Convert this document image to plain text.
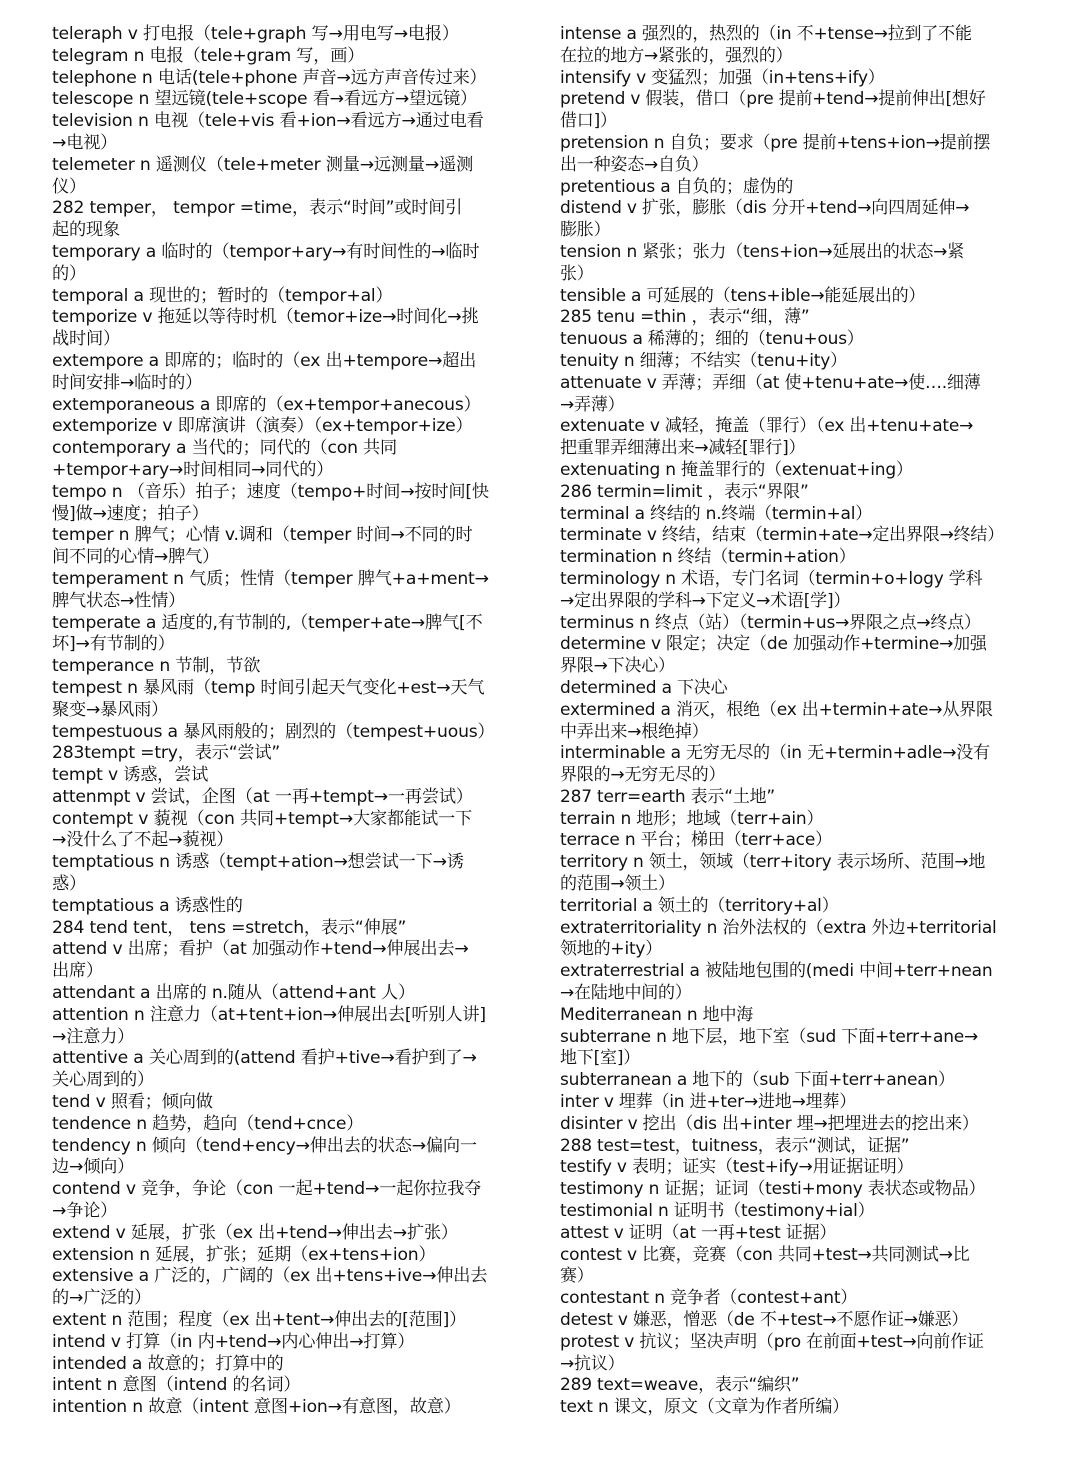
teleraph v 打电报（tele+graph 写→用电写→电报）
telegram n 电报（tele+gram 写，画）
telephone n 电话(tele+phone 声音→远方声音传过来）
telescope n 望远镜(tele+scope 看→看远方→望远镜）
television n 电视（tele+vis 看+ion→看远方→通过电看
→电视）
telemeter n 遥测仪（tele+meter 测量→远测量→遥测
仪）
282 temper， tempor =time，表示“时间”或时间引
起的现象
temporary a 临时的（tempor+ary→有时间性的→临时
的）
temporal a 现世的；暂时的（tempor+al）
temporize v 拖延以等待时机（temor+ize→时间化→挑
战时间）
extempore a 即席的；临时的（ex 出+tempore→超出
时间安排→临时的）
extemporaneous a 即席的（ex+tempor+anecous）
extemporize v 即席演讲（演奏）（ex+tempor+ize）
contemporary a 当代的；同代的（con 共同
+tempor+ary→时间相同→同代的）
tempo n （音乐）拍子；速度（tempo+时间→按时间[快
慢]做→速度；拍子）
temper n 脾气；心情 v.调和（temper 时间→不同的时
间不同的心情→脾气）
temperament n 气质；性情（temper 脾气+a+ment→
脾气状态→性情）
temperate a 适度的,有节制的,（temper+ate→脾气[不
坏]→有节制的）
temperance n 节制，节欲
tempest n 暴风雨（temp 时间引起天气变化+est→天气
聚变→暴风雨）
tempestuous a 暴风雨般的；剧烈的（tempest+uous）
283tempt =try，表示“尝试”
tempt v 诱惑，尝试
attenmpt v 尝试，企图（at 一再+tempt→一再尝试）
contempt v 藐视（con 共同+tempt→大家都能试一下
→没什么了不起→藐视）
temptatious n 诱惑（tempt+ation→想尝试一下→诱
惑）
temptatious a 诱惑性的
284 tend tent， tens =stretch，表示“伸展”
attend v 出席；看护（at 加强动作+tend→伸展出去→
出席）
attendant a 出席的 n.随从（attend+ant 人）
attention n 注意力（at+tent+ion→伸展出去[听别人讲]
→注意力）
attentive a 关心周到的(attend 看护+tive→看护到了→
关心周到的）
tend v 照看；倾向做
tendence n 趋势，趋向（tend+cnce）
tendency n 倾向（tend+ency→伸出去的状态→偏向一
边→倾向）
contend v 竞争，争论（con 一起+tend→一起你拉我夺
→争论）
extend v 延展，扩张（ex 出+tend→伸出去→扩张）
extension n 延展，扩张；延期（ex+tens+ion）
extensive a 广泛的，广阔的（ex 出+tens+ive→伸出去
的→广泛的）
extent n 范围；程度（ex 出+tent→伸出去的[范围]）
intend v 打算（in 内+tend→内心伸出→打算）
intended a 故意的；打算中的
intent n 意图（intend 的名词）
intention n 故意（intent 意图+ion→有意图，故意）
intense a 强烈的，热烈的（in 不+tense→拉到了不能
在拉的地方→紧张的，强烈的）
intensify v 变猛烈；加强（in+tens+ify）
pretend v 假装，借口（pre 提前+tend→提前伸出[想好
借口]）
pretension n 自负；要求（pre 提前+tens+ion→提前摆
出一种姿态→自负）
pretentious a 自负的；虚伪的
distend v 扩张，膨胀（dis 分开+tend→向四周延伸→
膨胀）
tension n 紧张；张力（tens+ion→延展出的状态→紧
张）
tensible a 可延展的（tens+ible→能延展出的）
285 tenu =thin ，表示“细，薄”
tenuous a 稀薄的；细的（tenu+ous）
tenuity n 细薄；不结实（tenu+ity）
attenuate v 弄薄；弄细（at 使+tenu+ate→使….细薄
→弄薄）
extenuate v 减轻，掩盖（罪行）（ex 出+tenu+ate→
把重罪弄细薄出来→减轻[罪行]）
extenuating n 掩盖罪行的（extenuat+ing）
286 termin=limit ，表示“界限”
terminal a 终结的 n.终端（termin+al）
terminate v 终结，结束（termin+ate→定出界限→终结）
termination n 终结（termin+ation）
terminology n 术语，专门名词（termin+o+logy 学科
→定出界限的学科→下定义→术语[学]）
terminus n 终点（站）（termin+us→界限之点→终点）
determine v 限定；决定（de 加强动作+termine→加强
界限→下决心）
determined a 下决心
extermined a 消灭，根绝（ex 出+termin+ate→从界限
中弄出来→根绝掉）
interminable a 无穷无尽的（in 无+termin+adle→没有
界限的→无穷无尽的）
287 terr=earth 表示“土地”
terrain n 地形；地域（terr+ain）
terrace n 平台；梯田（terr+ace）
territory n 领土，领域（terr+itory 表示场所、范围→地
的范围→领土）
territorial a 领土的（territory+al）
extraterritoriality n 治外法权的（extra 外边+territorial
领地的+ity）
extraterrestrial a 被陆地包围的(medi 中间+terr+nean
→在陆地中间的）
Mediterranean n 地中海
subterrane n 地下层，地下室（sud 下面+terr+ane→
地下[室]）
subterranean a 地下的（sub 下面+terr+anean）
inter v 埋葬（in 进+ter→进地→埋葬）
disinter v 挖出（dis 出+inter 埋→把埋进去的挖出来）
288 test=test，tuitness，表示“测试，证据”
testify v 表明；证实（test+ify→用证据证明）
testimony n 证据；证词（testi+mony 表状态或物品）
testimonial n 证明书（testimony+ial）
attest v 证明（at 一再+test 证据）
contest v 比赛，竞赛（con 共同+test→共同测试→比
赛）
contestant n 竞争者（contest+ant）
detest v 嫌恶，憎恶（de 不+test→不愿作证→嫌恶）
protest v 抗议；坚决声明（pro 在前面+test→向前作证
→抗议）
289 text=weave，表示“编织”
text n 课文，原文（文章为作者所编）
